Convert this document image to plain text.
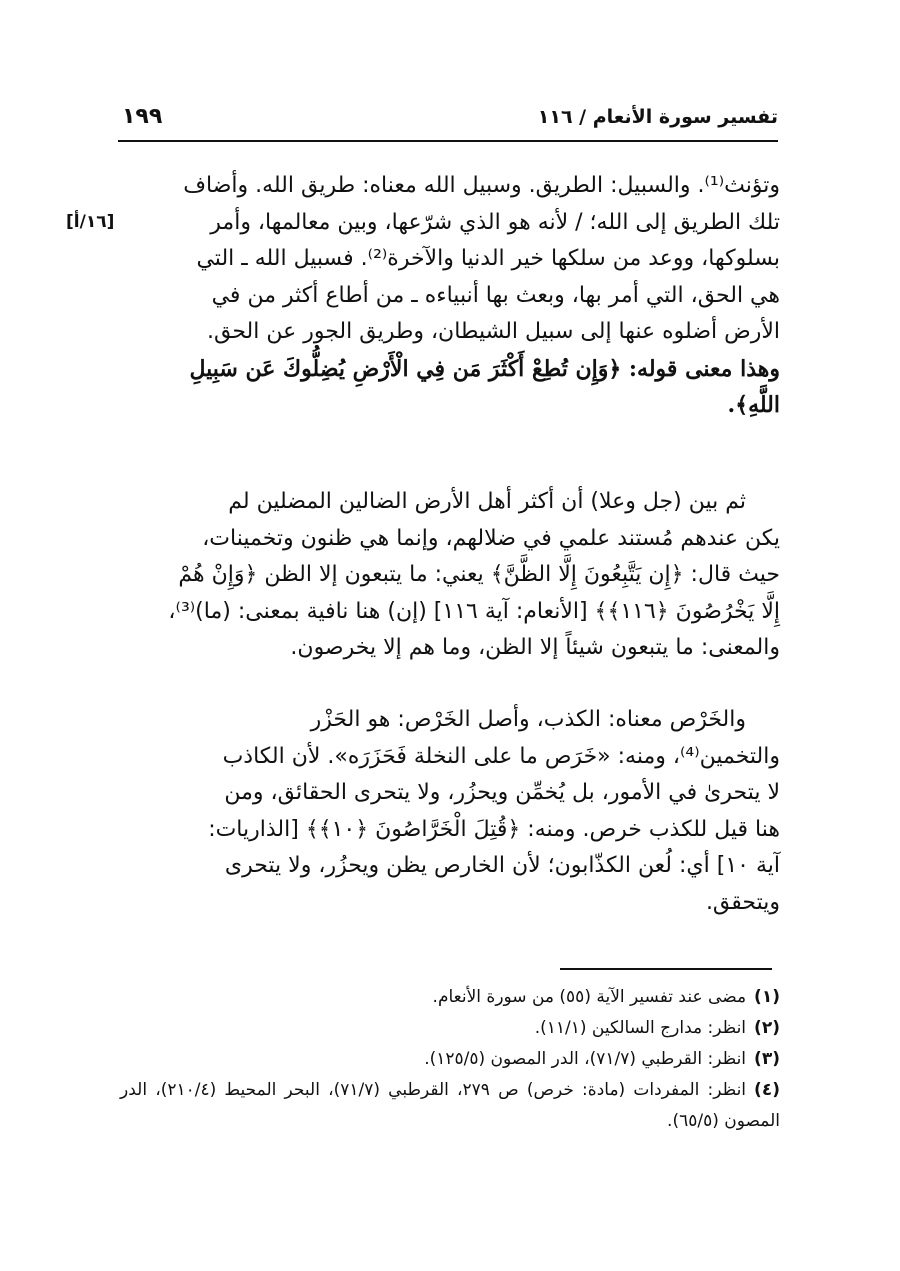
تفسير سورة الأنعام / ١١٦
١٩٩
[١٦/أ]
وتؤنث⁽¹⁾. والسبيل: الطريق. وسبيل الله معناه: طريق الله. وأضاف
تلك الطريق إلى الله؛ / لأنه هو الذي شرّعها، وبين معالمها، وأمر
بسلوكها، ووعد من سلكها خير الدنيا والآخرة⁽²⁾. فسبيل الله ـ التي
هي الحق، التي أمر بها، وبعث بها أنبياءه ـ من أطاع أكثر من في
الأرض أضلوه عنها إلى سبيل الشيطان، وطريق الجور عن الحق.
وهذا معنى قوله: ﴿وَإِن تُطِعْ أَكْثَرَ مَن فِي الْأَرْضِ يُضِلُّوكَ عَن سَبِيلِ
اللَّهِ﴾.
ثم بين (جل وعلا) أن أكثر أهل الأرض الضالين المضلين لم
يكن عندهم مُستند علمي في ضلالهم، وإنما هي ظنون وتخمينات،
حيث قال: ﴿إِن يَتَّبِعُونَ إِلَّا الظَّنَّ﴾ يعني: ما يتبعون إلا الظن ﴿وَإِنْ هُمْ
إِلَّا يَخْرُصُونَ ﴿١١٦﴾﴾ [الأنعام: آية ١١٦] (إن) هنا نافية بمعنى: (ما)⁽³⁾،
والمعنى: ما يتبعون شيئاً إلا الظن، وما هم إلا يخرصون.
والخَرْص معناه: الكذب، وأصل الخَرْص: هو الحَزْر
والتخمين⁽⁴⁾، ومنه: «خَرَص ما على النخلة فَحَزَرَه». لأن الكاذب
لا يتحرىٰ في الأمور، بل يُخمِّن ويحزُر، ولا يتحرى الحقائق، ومن
هنا قيل للكذب خرص. ومنه: ﴿قُتِلَ الْخَرَّاصُونَ ﴿١٠﴾﴾ [الذاريات:
آية ١٠] أي: لُعن الكذّابون؛ لأن الخارص يظن ويحزُر، ولا يتحرى
ويتحقق.
(١)مضى عند تفسير الآية (٥٥) من سورة الأنعام.
(٢)انظر: مدارج السالكين (١١/١).
(٣)انظر: القرطبي (٧١/٧)، الدر المصون (١٢٥/٥).
(٤)انظر: المفردات (مادة: خرص) ص ٢٧٩، القرطبي (٧١/٧)، البحر المحيط (٢١٠/٤)، الدر المصون (٦٥/٥).
